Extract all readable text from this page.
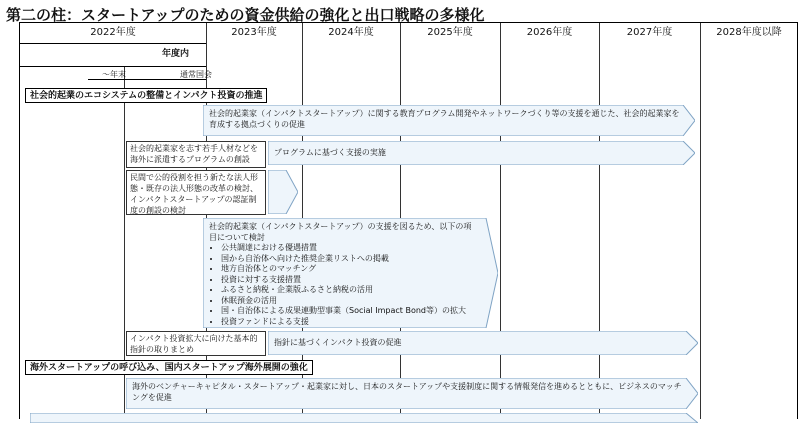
第二の柱：スタートアップのための資金供給の強化と出口戦略の多様化
2022年度	2023年度	2024年度	2025年度	2026年度	2027年度	2028年度以降
年度内
～年末	通常国会
社会的起業のエコシステムの整備とインパクト投資の推進
社会的起業家（インパクトスタートアップ）に関する教育プログラム開発やネットワークづくり等の支援を通じた、社会的起業家を育成する拠点づくりの促進
社会的起業家を志す若手人材などを海外に派遣するプログラムの創設
プログラムに基づく支援の実施
民間で公的役割を担う新たな法人形態・既存の法人形態の改革の検討、インパクトスタートアップの認証制度の創設の検討
社会的起業家（インパクトスタートアップ）の支援を図るため、以下の項目について検討
• 公共調達における優遇措置
• 国から自治体へ向けた推奨企業リストへの掲載
• 地方自治体とのマッチング
• 投資に対する支援措置
• ふるさと納税・企業版ふるさと納税の活用
• 休眠預金の活用
• 国・自治体による成果連動型事業（Social Impact Bond等）の拡大
• 投資ファンドによる支援
インパクト投資拡大に向けた基本的指針の取りまとめ
指針に基づくインパクト投資の促進
海外スタートアップの呼び込み、国内スタートアップ海外展開の強化
海外のベンチャーキャピタル・スタートアップ・起業家に対し、日本のスタートアップや支援制度に関する情報発信を進めるとともに、ビジネスのマッチングを促進
